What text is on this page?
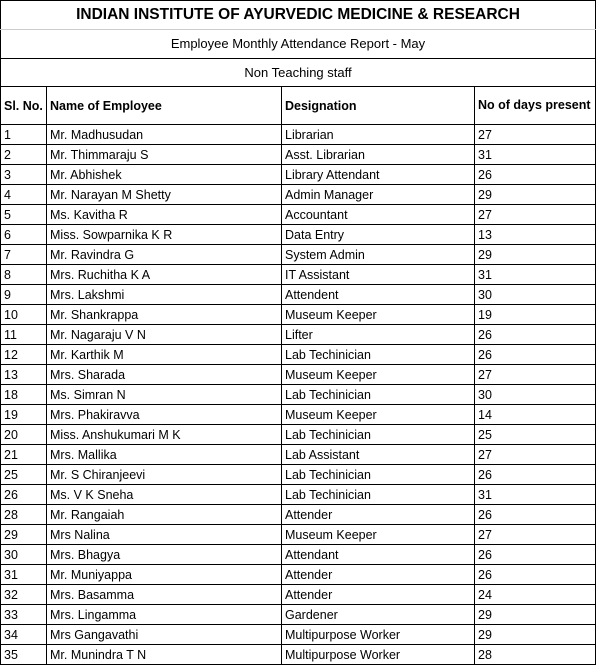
INDIAN INSTITUTE OF AYURVEDIC MEDICINE & RESEARCH			
Employee Monthly Attendance Report - May			
Non Teaching staff			
Sl. No.	Name of Employee	Designation	No of days present
1	Mr. Madhusudan	Librarian	27
2	Mr. Thimmaraju S	Asst. Librarian	31
3	Mr. Abhishek	Library Attendant	26
4	Mr. Narayan M Shetty	Admin Manager	29
5	Ms. Kavitha R	Accountant	27
6	Miss. Sowparnika K R	Data Entry	13
7	Mr. Ravindra G	System Admin	29
8	Mrs. Ruchitha K A	IT Assistant	31
9	Mrs. Lakshmi	Attendent	30
10	Mr. Shankrappa	Museum Keeper	19
11	Mr. Nagaraju V N	Lifter	26
12	Mr. Karthik M	Lab Techinician	26
13	Mrs. Sharada	Museum Keeper	27
18	Ms. Simran N	Lab Techinician	30
19	Mrs. Phakiravva	Museum Keeper	14
20	Miss. Anshukumari M K	Lab Techinician	25
21	Mrs. Mallika	Lab Assistant	27
25	Mr. S Chiranjeevi	Lab Techinician	26
26	Ms. V K Sneha	Lab Techinician	31
28	Mr. Rangaiah	Attender	26
29	Mrs Nalina	Museum Keeper	27
30	Mrs. Bhagya	Attendant	26
31	Mr. Muniyappa	Attender	26
32	Mrs. Basamma	Attender	24
33	Mrs. Lingamma	Gardener	29
34	Mrs Gangavathi	Multipurpose Worker	29
35	Mr. Munindra T N	Multipurpose Worker	28
